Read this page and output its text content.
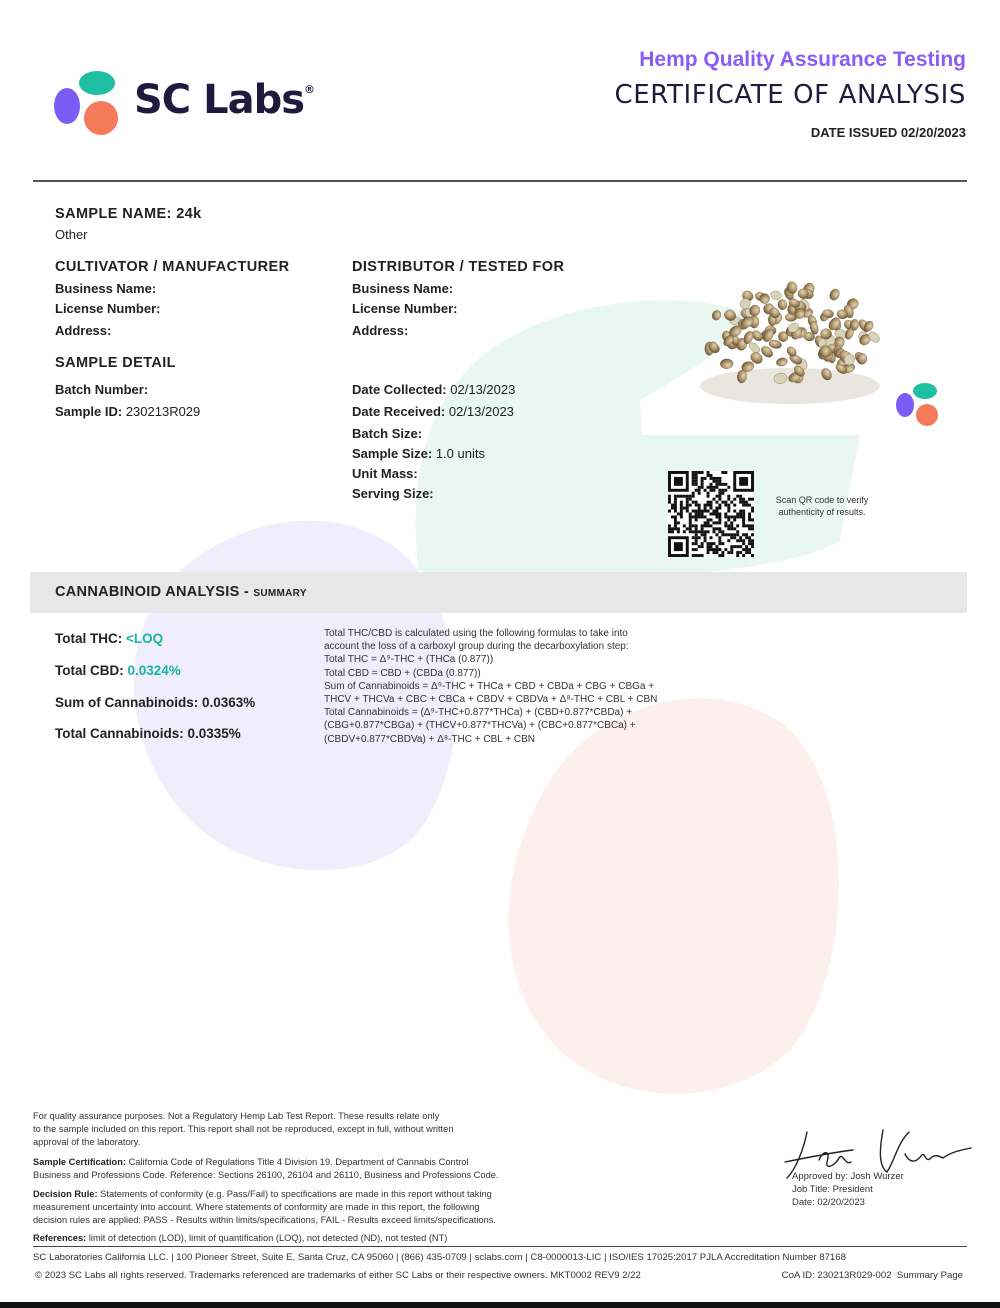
SC Labs®
Hemp Quality Assurance Testing
CERTIFICATE OF ANALYSIS
DATE ISSUED 02/20/2023
SAMPLE NAME: 24k
Other
CULTIVATOR / MANUFACTURER
Business Name:
License Number:
Address:
DISTRIBUTOR / TESTED FOR
Business Name:
License Number:
Address:
SAMPLE DETAIL
Batch Number:
Sample ID: 230213R029
Date Collected: 02/13/2023
Date Received: 02/13/2023
Batch Size:
Sample Size: 1.0 units
Unit Mass:
Serving Size:	Scan QR code to verify authenticity of results.
CANNABINOID ANALYSIS - SUMMARY
Total THC: <LOQ
Total CBD: 0.0324%
Sum of Cannabinoids: 0.0363%
Total Cannabinoids: 0.0335%
Total THC/CBD is calculated using the following formulas to take into
account the loss of a carboxyl group during the decarboxylation step:
Total THC = Δ⁹-THC + (THCa (0.877))
Total CBD = CBD + (CBDa (0.877))
Sum of Cannabinoids = Δ⁹-THC + THCa + CBD + CBDa + CBG + CBGa +
THCV + THCVa + CBC + CBCa + CBDV + CBDVa + Δ⁸-THC + CBL + CBN
Total Cannabinoids = (Δ⁹-THC+0.877*THCa) + (CBD+0.877*CBDa) +
(CBG+0.877*CBGa) + (THCV+0.877*THCVa) + (CBC+0.877*CBCa) +
(CBDV+0.877*CBDVa) + Δ⁸-THC + CBL + CBN
For quality assurance purposes. Not a Regulatory Hemp Lab Test Report. These results relate only
to the sample included on this report. This report shall not be reproduced, except in full, without written
approval of the laboratory.
Sample Certification: California Code of Regulations Title 4 Division 19. Department of Cannabis Control
Business and Professions Code. Reference: Sections 26100, 26104 and 26110, Business and Professions Code.
Decision Rule: Statements of conformity (e.g. Pass/Fail) to specifications are made in this report without taking
measurement uncertainty into account. Where statements of conformity are made in this report, the following
decision rules are applied: PASS - Results within limits/specifications, FAIL - Results exceed limits/specifications.
References: limit of detection (LOD), limit of quantification (LOQ), not detected (ND), not tested (NT)
Approved by: Josh Wurzer
Job Title: President
Date: 02/20/2023
SC Laboratories California LLC. | 100 Pioneer Street, Suite E, Santa Cruz, CA 95060 | (866) 435-0709 | sclabs.com | C8-0000013-LIC | ISO/IES 17025:2017 PJLA Accreditation Number 87168
© 2023 SC Labs all rights reserved. Trademarks referenced are trademarks of either SC Labs or their respective owners. MKT0002 REV9 2/22	CoA ID: 230213R029-002 Summary Page
